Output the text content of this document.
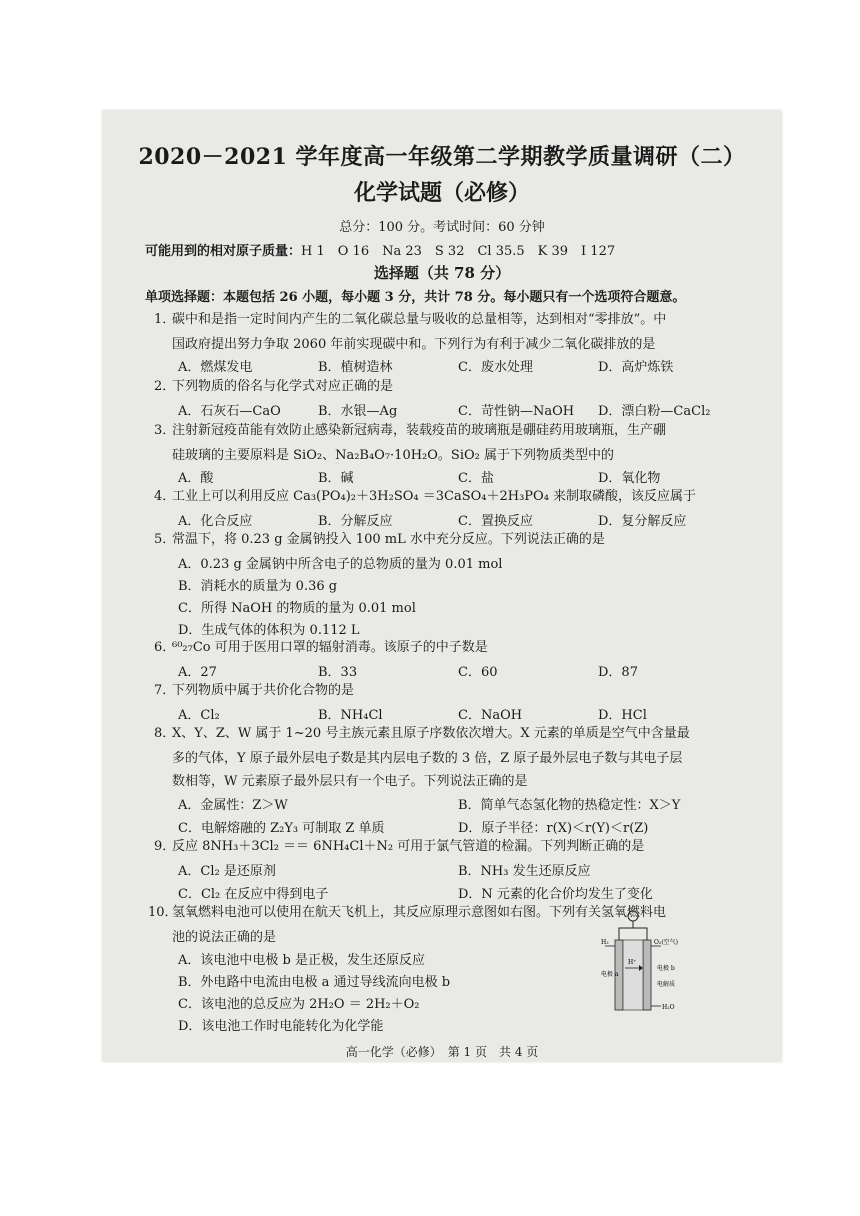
2020－2021 学年度高一年级第二学期教学质量调研（二）
化学试题（必修）
总分：100 分。考试时间：60 分钟
可能用到的相对原子质量：H 1　O 16　Na 23　S 32　Cl 35.5　K 39　I 127
选择题（共 78 分）
单项选择题：本题包括 26 小题，每小题 3 分，共计 78 分。每小题只有一个选项符合题意。
1．碳中和是指一定时间内产生的二氧化碳总量与吸收的总量相等，达到相对“零排放”。中
国政府提出努力争取 2060 年前实现碳中和。下列行为有利于减少二氧化碳排放的是
A．燃煤发电	B．植树造林	C．废水处理	D．高炉炼铁
2．下列物质的俗名与化学式对应正确的是
A．石灰石—CaO	B．水银—Ag	C．苛性钠—NaOH	D．漂白粉—CaCl₂
3．注射新冠疫苗能有效防止感染新冠病毒，装载疫苗的玻璃瓶是硼硅药用玻璃瓶，生产硼
硅玻璃的主要原料是 SiO₂、Na₂B₄O₇·10H₂O。SiO₂ 属于下列物质类型中的
A．酸	B．碱	C．盐	D．氧化物
4．工业上可以利用反应 Ca₃(PO₄)₂＋3H₂SO₄ ＝3CaSO₄＋2H₃PO₄ 来制取磷酸，该反应属于
A．化合反应	B．分解反应	C．置换反应	D．复分解反应
5．常温下，将 0.23 g 金属钠投入 100 mL 水中充分反应。下列说法正确的是
A．0.23 g 金属钠中所含电子的总物质的量为 0.01 mol
B．消耗水的质量为 0.36 g
C．所得 NaOH 的物质的量为 0.01 mol
D．生成气体的体积为 0.112 L
6．⁶⁰₂₇Co 可用于医用口罩的辐射消毒。该原子的中子数是
A．27	B．33	C．60	D．87
7．下列物质中属于共价化合物的是
A．Cl₂	B．NH₄Cl	C．NaOH	D．HCl
8．X、Y、Z、W 属于 1~20 号主族元素且原子序数依次增大。X 元素的单质是空气中含量最
多的气体，Y 原子最外层电子数是其内层电子数的 3 倍，Z 原子最外层电子数与其电子层
数相等，W 元素原子最外层只有一个电子。下列说法正确的是
A．金属性：Z＞W	B．简单气态氢化物的热稳定性：X＞Y
C．电解熔融的 Z₂Y₃ 可制取 Z 单质	D．原子半径：r(X)＜r(Y)＜r(Z)
9．反应 8NH₃＋3Cl₂ ＝＝ 6NH₄Cl＋N₂ 可用于氯气管道的检漏。下列判断正确的是
A．Cl₂ 是还原剂	B．NH₃ 发生还原反应
C．Cl₂ 在反应中得到电子	D．N 元素的化合价均发生了变化
10．氢氧燃料电池可以使用在航天飞机上，其反应原理示意图如右图。下列有关氢氧燃料电
池的说法正确的是
A．该电池中电极 b 是正极，发生还原反应
B．外电路中电流由电极 a 通过导线流向电极 b
C．该电池的总反应为 2H₂O ＝ 2H₂＋O₂
D．该电池工作时电能转化为化学能
H₂	O₂(空气)
H⁺
电极 a
电极 b
电解质
H₂O
高一化学（必修）　第 1 页　共 4 页
